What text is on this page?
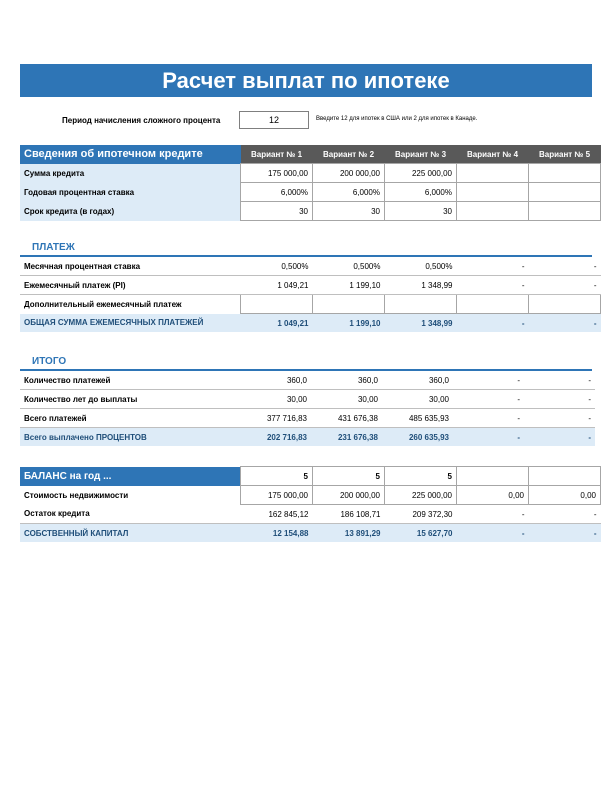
Расчет выплат по ипотеке
Период начисления сложного процента	12	Введите 12 для ипотек в США или 2 для ипотек в Канаде.
Сведения об ипотечном кредите	Вариант № 1	Вариант № 2	Вариант № 3	Вариант № 4	Вариант № 5
Сумма кредита	175 000,00	200 000,00	225 000,00		
Годовая процентная ставка	6,000%	6,000%	6,000%		
Срок кредита (в годах)	30	30	30		
ПЛАТЕЖ
Месячная процентная ставка	0,500%	0,500%	0,500%	-	-
Ежемесячный платеж (PI)	1 049,21	1 199,10	1 348,99	-	-
Дополнительный ежемесячный платеж					
ОБЩАЯ СУММА ЕЖЕМЕСЯЧНЫХ ПЛАТЕЖЕЙ	1 049,21	1 199,10	1 348,99	-	-
ИТОГО
Количество платежей	360,0	360,0	360,0	-	-
Количество лет до выплаты	30,00	30,00	30,00	-	-
Всего платежей	377 716,83	431 676,38	485 635,93	-	-
Всего выплачено ПРОЦЕНТОВ	202 716,83	231 676,38	260 635,93	-	-
БАЛАНС на год ...	5	5	5		
Стоимость недвижимости	175 000,00	200 000,00	225 000,00	0,00	0,00
Остаток кредита	162 845,12	186 108,71	209 372,30	-	-
СОБСТВЕННЫЙ КАПИТАЛ	12 154,88	13 891,29	15 627,70	-	-
